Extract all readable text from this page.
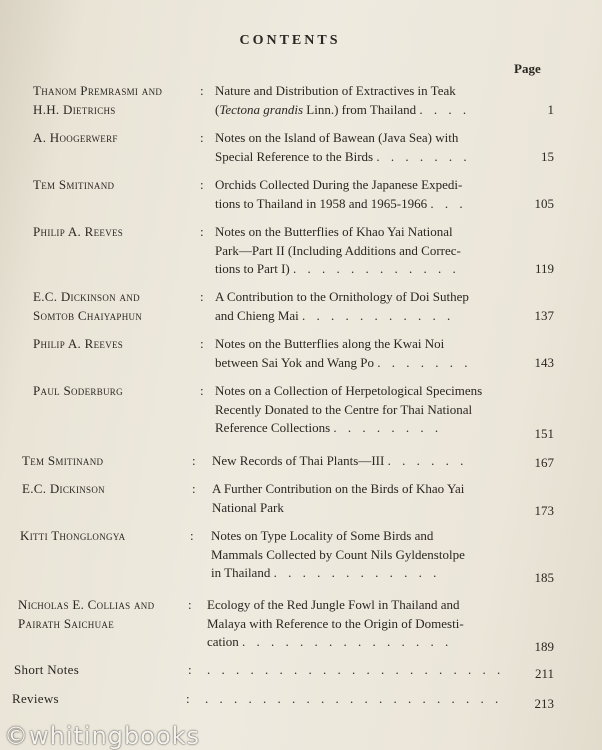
CONTENTS
Page
Thanom Premrasmi and
H.H. Dietrichs
: Nature and Distribution of Extractives in Teak
(Tectona grandis Linn.) from Thailand . . . .	1
A. Hoogerwerf	: Notes on the Island of Bawean (Java Sea) with
Special Reference to the Birds . . . . . . .	15
Tem Smitinand	: Orchids Collected During the Japanese Expedi-
tions to Thailand in 1958 and 1965-1966 . . .	105
Philip A. Reeves	: Notes on the Butterflies of Khao Yai National
Park—Part II (Including Additions and Correc-
tions to Part I) . . . . . . . . . . . .	119
E.C. Dickinson and
Somtob Chaiyaphun
: A Contribution to the Ornithology of Doi Suthep
and Chieng Mai . . . . . . . . . . .	137
Philip A. Reeves	: Notes on the Butterflies along the Kwai Noi
between Sai Yok and Wang Po . . . . . . .	143
Paul Soderburg	: Notes on a Collection of Herpetological Specimens
Recently Donated to the Centre for Thai National
Reference Collections . . . . . . . .	151
Tem Smitinand	: New Records of Thai Plants—III . . . . . .	167
E.C. Dickinson	: A Further Contribution on the Birds of Khao Yai
National Park	173
Kitti Thonglongya	: Notes on Type Locality of Some Birds and
Mammals Collected by Count Nils Gyldenstolpe
in Thailand . . . . . . . . . . . .	185
Nicholas E. Collias and
Pairath Saichuae
: Ecology of the Red Jungle Fowl in Thailand and
Malaya with Reference to the Origin of Domesti-
cation . . . . . . . . . . . . . . .	189
Short Notes	: . . . . . . . . . . . . . . . . . . . . .	211
Reviews	: . . . . . . . . . . . . . . . . . . . . .	213
©whitingbooks
